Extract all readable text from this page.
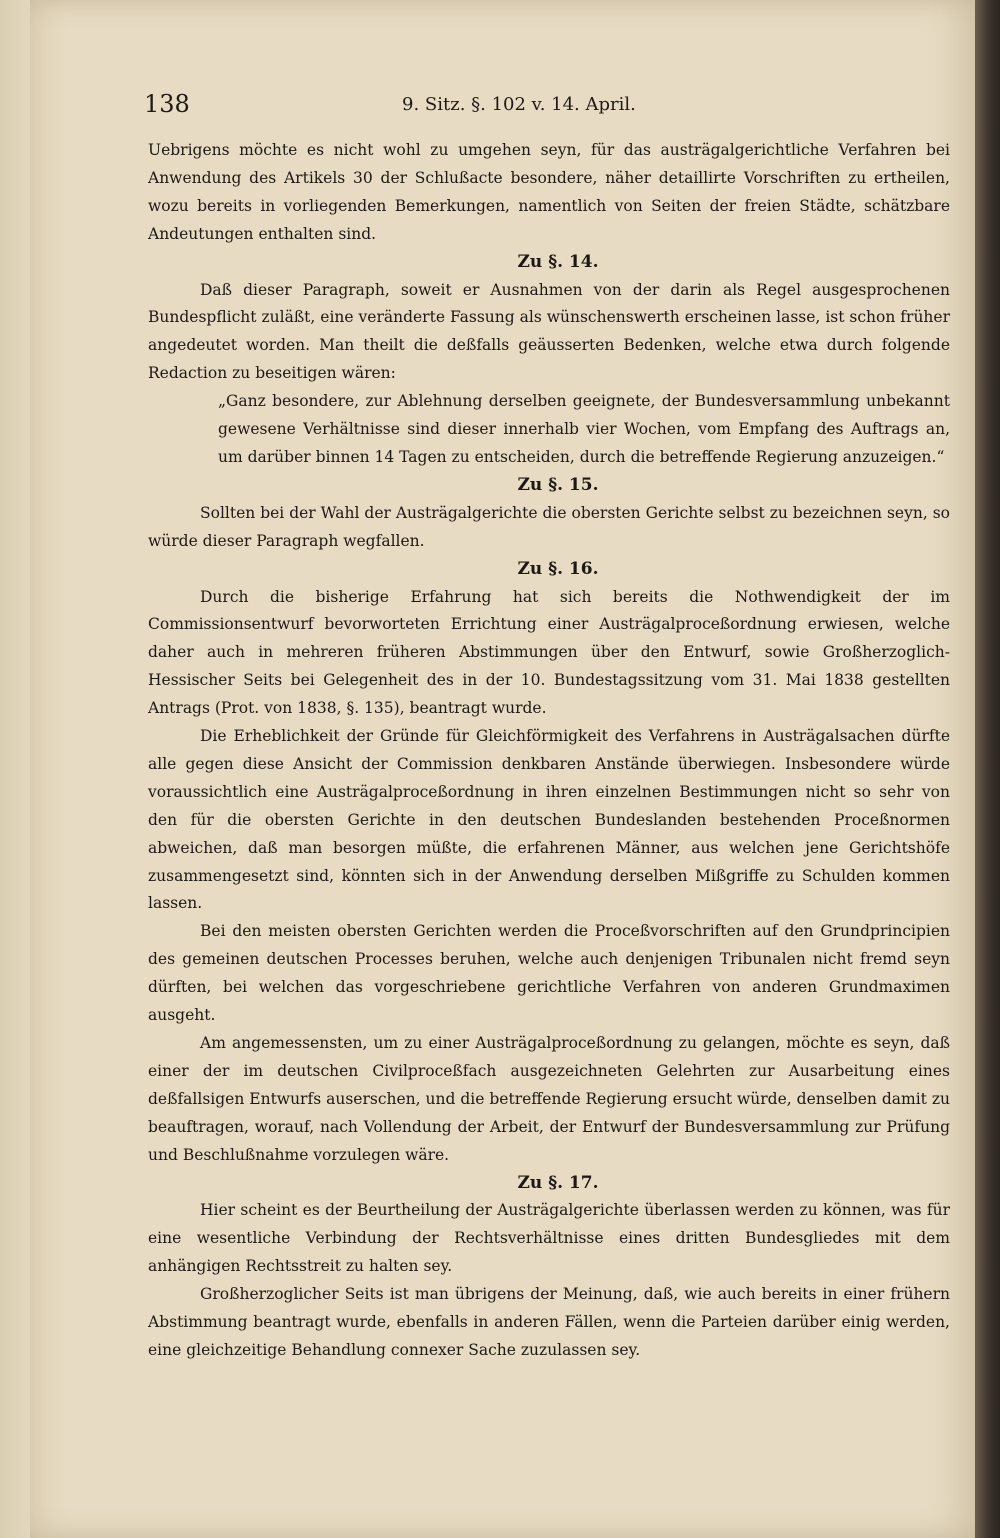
138	9. Sitz. §. 102 v. 14. April.

Uebrigens möchte es nicht wohl zu umgehen seyn, für das austrägalgerichtliche Verfahren bei Anwendung des Artikels 30 der Schlußacte besondere, näher detaillirte Vorschriften zu ertheilen, wozu bereits in vorliegenden Bemerkungen, namentlich von Seiten der freien Städte, schätzbare Andeutungen enthalten sind.

Zu §. 14.

Daß dieser Paragraph, soweit er Ausnahmen von der darin als Regel ausgesprochenen Bundespflicht zuläßt, eine veränderte Fassung als wünschenswerth erscheinen lasse, ist schon früher angedeutet worden. Man theilt die deßfalls geäusserten Bedenken, welche etwa durch folgende Redaction zu beseitigen wären:

„Ganz besondere, zur Ablehnung derselben geeignete, der Bundesversammlung unbekannt gewesene Verhältnisse sind dieser innerhalb vier Wochen, vom Empfang des Auftrags an, um darüber binnen 14 Tagen zu entscheiden, durch die betreffende Regierung anzuzeigen.“

Zu §. 15.

Sollten bei der Wahl der Austrägalgerichte die obersten Gerichte selbst zu bezeichnen seyn, so würde dieser Paragraph wegfallen.

Zu §. 16.

Durch die bisherige Erfahrung hat sich bereits die Nothwendigkeit der im Commissionsentwurf bevorworteten Errichtung einer Austrägalproceßordnung erwiesen, welche daher auch in mehreren früheren Abstimmungen über den Entwurf, sowie Großherzoglich-Hessischer Seits bei Gelegenheit des in der 10. Bundestagssitzung vom 31. Mai 1838 gestellten Antrags (Prot. von 1838, §. 135), beantragt wurde.

Die Erheblichkeit der Gründe für Gleichförmigkeit des Verfahrens in Austrägalsachen dürfte alle gegen diese Ansicht der Commission denkbaren Anstände überwiegen. Insbesondere würde voraussichtlich eine Austrägalproceßordnung in ihren einzelnen Bestimmungen nicht so sehr von den für die obersten Gerichte in den deutschen Bundeslanden bestehenden Proceßnormen abweichen, daß man besorgen müßte, die erfahrenen Männer, aus welchen jene Gerichtshöfe zusammengesetzt sind, könnten sich in der Anwendung derselben Mißgriffe zu Schulden kommen lassen.

Bei den meisten obersten Gerichten werden die Proceßvorschriften auf den Grundprincipien des gemeinen deutschen Processes beruhen, welche auch denjenigen Tribunalen nicht fremd seyn dürften, bei welchen das vorgeschriebene gerichtliche Verfahren von anderen Grundmaximen ausgeht.

Am angemessensten, um zu einer Austrägalproceßordnung zu gelangen, möchte es seyn, daß einer der im deutschen Civilproceßfach ausgezeichneten Gelehrten zur Ausarbeitung eines deßfallsigen Entwurfs auserschen, und die betreffende Regierung ersucht würde, denselben damit zu beauftragen, worauf, nach Vollendung der Arbeit, der Entwurf der Bundesversammlung zur Prüfung und Beschlußnahme vorzulegen wäre.

Zu §. 17.

Hier scheint es der Beurtheilung der Austrägalgerichte überlassen werden zu können, was für eine wesentliche Verbindung der Rechtsverhältnisse eines dritten Bundesgliedes mit dem anhängigen Rechtsstreit zu halten sey.

Großherzoglicher Seits ist man übrigens der Meinung, daß, wie auch bereits in einer frühern Abstimmung beantragt wurde, ebenfalls in anderen Fällen, wenn die Parteien darüber einig werden, eine gleichzeitige Behandlung connexer Sache zuzulassen sey.
